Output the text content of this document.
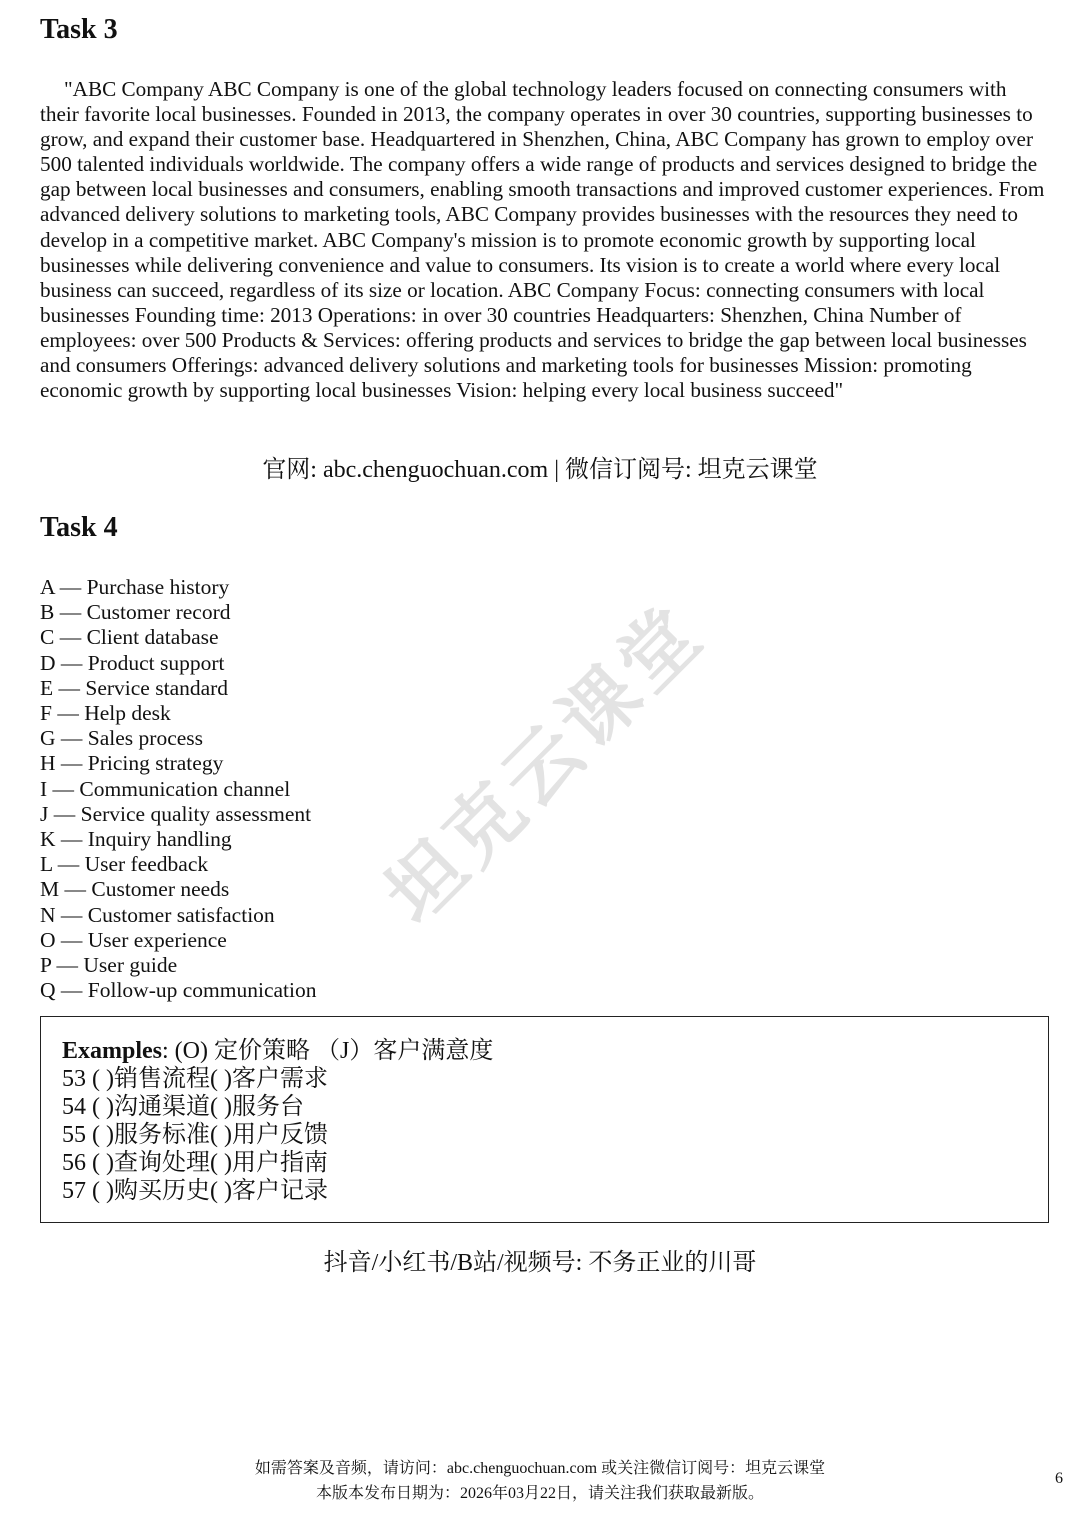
坦克云课堂
Task 3

"ABC Company ABC Company is one of the global technology leaders focused on connecting consumers with their favorite local businesses. Founded in 2013, the company operates in over 30 countries, supporting businesses to grow, and expand their customer base. Headquartered in Shenzhen, China, ABC Company has grown to employ over 500 talented individuals worldwide. The company offers a wide range of products and services designed to bridge the gap between local businesses and consumers, enabling smooth transactions and improved customer experiences. From advanced delivery solutions to marketing tools, ABC Company provides businesses with the resources they need to develop in a competitive market. ABC Company's mission is to promote economic growth by supporting local businesses while delivering convenience and value to consumers. Its vision is to create a world where every local business can succeed, regardless of its size or location. ABC Company Focus: connecting consumers with local businesses Founding time: 2013 Operations: in over 30 countries Headquarters: Shenzhen, China Number of employees: over 500 Products & Services: offering products and services to bridge the gap between local businesses and consumers Offerings: advanced delivery solutions and marketing tools for businesses Mission: promoting economic growth by supporting local businesses Vision: helping every local business succeed"

官网: abc.chenguochuan.com | 微信订阅号: 坦克云课堂
Task 4
A — Purchase history
B — Customer record
C — Client database
D — Product support
E — Service standard
F — Help desk
G — Sales process
H — Pricing strategy
I — Communication channel
J — Service quality assessment
K — Inquiry handling
L — User feedback
M — Customer needs
N — Customer satisfaction
O — User experience
P — User guide
Q — Follow-up communication
Examples: (O) 定价策略 （J）客户满意度
53 ( )销售流程( )客户需求
54 ( )沟通渠道( )服务台
55 ( )服务标准( )用户反馈
56 ( )查询处理( )用户指南
57 ( )购买历史( )客户记录
抖音/小红书/B站/视频号: 不务正业的川哥
如需答案及音频，请访问：abc.chenguochuan.com 或关注微信订阅号：坦克云课堂
本版本发布日期为：2026年03月22日，请关注我们获取最新版。
6
